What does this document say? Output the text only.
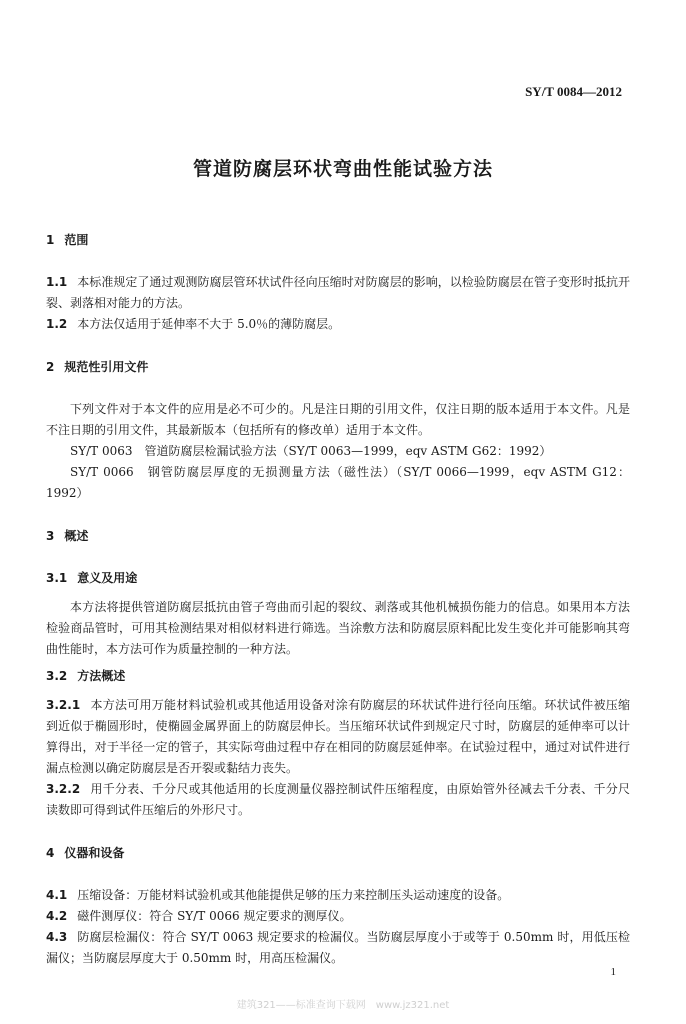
SY/T 0084—2012
管道防腐层环状弯曲性能试验方法
1 范围

1.1 本标准规定了通过观测防腐层管环状试件径向压缩时对防腐层的影响，以检验防腐层在管子变形时抵抗开裂、剥落相对能力的方法。

1.2 本方法仅适用于延伸率不大于 5.0％的薄防腐层。

2 规范性引用文件

下列文件对于本文件的应用是必不可少的。凡是注日期的引用文件，仅注日期的版本适用于本文件。凡是不注日期的引用文件，其最新版本（包括所有的修改单）适用于本文件。

SY/T 0063　管道防腐层检漏试验方法（SY/T 0063—1999，eqv ASTM G62：1992）

SY/T 0066　钢管防腐层厚度的无损测量方法（磁性法）（SY/T 0066—1999，eqv ASTM G12：1992）

3 概述
3.1 意义及用途

本方法将提供管道防腐层抵抗由管子弯曲而引起的裂纹、剥落或其他机械损伤能力的信息。如果用本方法检验商品管时，可用其检测结果对相似材料进行筛选。当涂敷方法和防腐层原料配比发生变化并可能影响其弯曲性能时，本方法可作为质量控制的一种方法。

3.2 方法概述

3.2.1 本方法可用万能材料试验机或其他适用设备对涂有防腐层的环状试件进行径向压缩。环状试件被压缩到近似于椭圆形时，使椭圆金属界面上的防腐层伸长。当压缩环状试件到规定尺寸时，防腐层的延伸率可以计算得出，对于半径一定的管子，其实际弯曲过程中存在相同的防腐层延伸率。在试验过程中，通过对试件进行漏点检测以确定防腐层是否开裂或黏结力丧失。

3.2.2 用千分表、千分尺或其他适用的长度测量仪器控制试件压缩程度，由原始管外径减去千分表、千分尺读数即可得到试件压缩后的外形尺寸。

4 仪器和设备

4.1 压缩设备：万能材料试验机或其他能提供足够的压力来控制压头运动速度的设备。

4.2 磁件测厚仪：符合 SY/T 0066 规定要求的测厚仪。

4.3 防腐层检漏仪：符合 SY/T 0063 规定要求的检漏仪。当防腐层厚度小于或等于 0.50mm 时，用低压检漏仪；当防腐层厚度大于 0.50mm 时，用高压检漏仪。

1
建筑321——标准查询下载网　www.jz321.net
